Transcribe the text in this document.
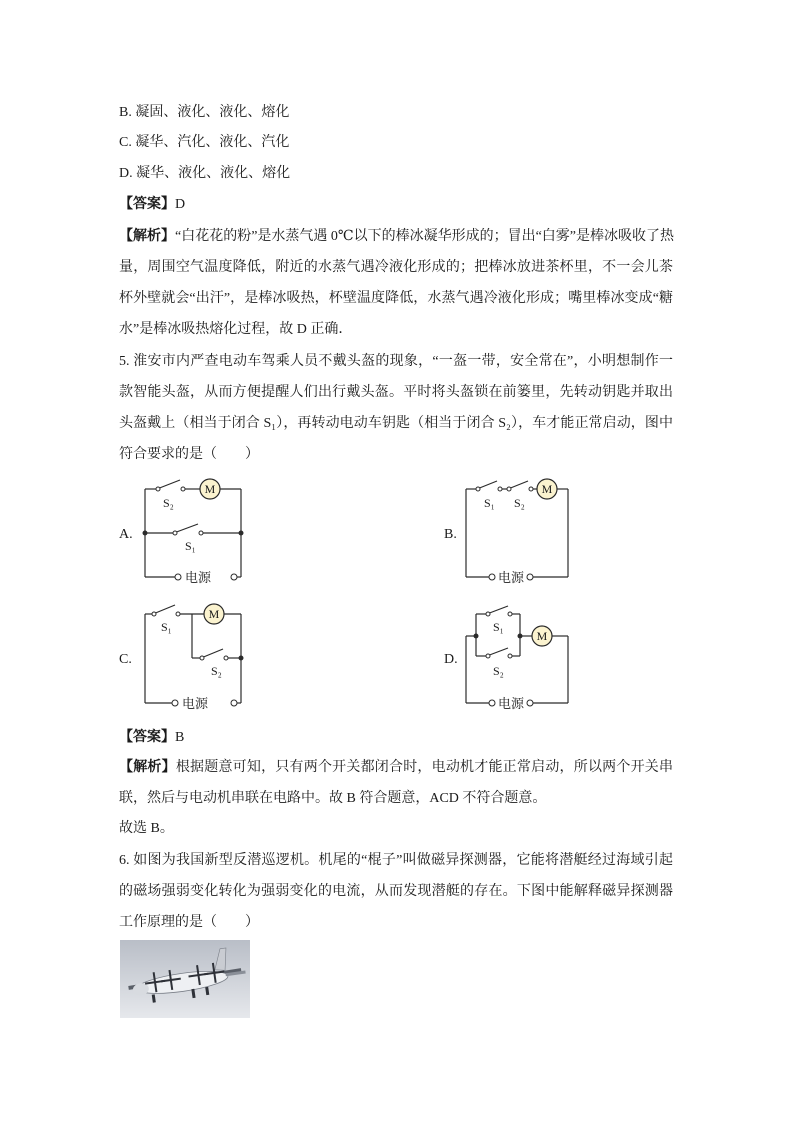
B. 凝固、液化、液化、熔化
C. 凝华、汽化、液化、汽化
D. 凝华、液化、液化、熔化
【答案】D
【解析】“白花花的粉”是水蒸气遇 0℃以下的棒冰凝华形成的；冒出“白雾”是棒冰吸收了热
量，周围空气温度降低，附近的水蒸气遇冷液化形成的；把棒冰放进茶杯里，不一会儿茶
杯外壁就会“出汗”，是棒冰吸热，杯壁温度降低，水蒸气遇冷液化形成；嘴里棒冰变成“糖
水”是棒冰吸热熔化过程，故 D 正确．
5. 淮安市内严查电动车驾乘人员不戴头盔的现象，“一盔一带，安全常在”，小明想制作一
款智能头盔，从而方便提醒人们出行戴头盔。平时将头盔锁在前篓里，先转动钥匙并取出
头盔戴上（相当于闭合 S₁），再转动电动车钥匙（相当于闭合 S₂），车才能正常启动，图中
符合要求的是（　　）
A.
M
S₂
S₁
电源
B.
M
S₁ S₂
电源
C.
M
S₁
S₂
电源
D.
S₁
S₂
M
电源
【答案】B
【解析】根据题意可知，只有两个开关都闭合时，电动机才能正常启动，所以两个开关串
联，然后与电动机串联在电路中。故 B 符合题意，ACD 不符合题意。
故选 B。
6. 如图为我国新型反潜巡逻机。机尾的“棍子”叫做磁异探测器，它能将潜艇经过海域引起
的磁场强弱变化转化为强弱变化的电流，从而发现潜艇的存在。下图中能解释磁异探测器
工作原理的是（　　）
